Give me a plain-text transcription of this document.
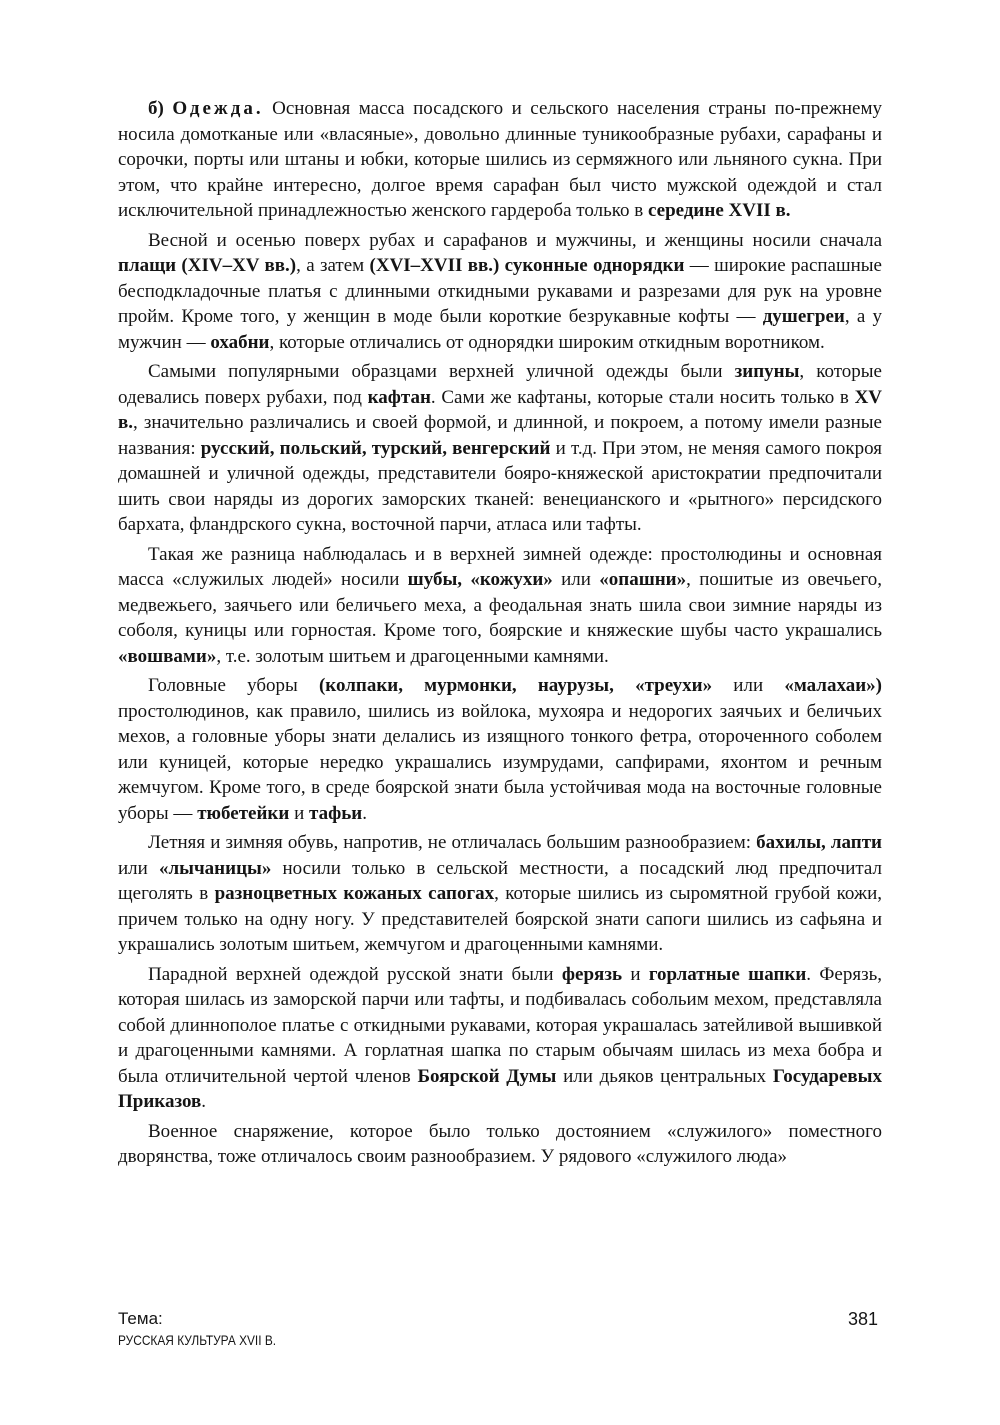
б) Одежда. Основная масса посадского и сельского населения страны по-прежнему носила домотканые или «власяные», довольно длинные туникообразные рубахи, сарафаны и сорочки, порты или штаны и юбки, которые шились из сермяжного или льняного сукна. При этом, что крайне интересно, долгое время сарафан был чисто мужской одеждой и стал исключительной принадлежностью женского гардероба только в середине XVII в.

Весной и осенью поверх рубах и сарафанов и мужчины, и женщины носили сначала плащи (XIV–XV вв.), а затем (XVI–XVII вв.) суконные однорядки — широкие распашные бесподкладочные платья с длинными откидными рукавами и разрезами для рук на уровне пройм. Кроме того, у женщин в моде были короткие безрукавные кофты — душегреи, а у мужчин — охабни, которые отличались от однорядки широким откидным воротником.

Самыми популярными образцами верхней уличной одежды были зипуны, которые одевались поверх рубахи, под кафтан. Сами же кафтаны, которые стали носить только в XV в., значительно различались и своей формой, и длинной, и покроем, а потому имели разные названия: русский, польский, турский, венгерский и т.д. При этом, не меняя самого покроя домашней и уличной одежды, представители бояро-княжеской аристократии предпочитали шить свои наряды из дорогих заморских тканей: венецианского и «рытного» персидского бархата, фландрского сукна, восточной парчи, атласа или тафты.

Такая же разница наблюдалась и в верхней зимней одежде: простолюдины и основная масса «служилых людей» носили шубы, «кожухи» или «опашни», пошитые из овечьего, медвежьего, заячьего или беличьего меха, а феодальная знать шила свои зимние наряды из соболя, куницы или горностая. Кроме того, боярские и княжеские шубы часто украшались «вошвами», т.е. золотым шитьем и драгоценными камнями.

Головные уборы (колпаки, мурмонки, наурузы, «треухи» или «малахаи») простолюдинов, как правило, шились из войлока, мухояра и недорогих заячьих и беличьих мехов, а головные уборы знати делались из изящного тонкого фетра, отороченного соболем или куницей, которые нередко украшались изумрудами, сапфирами, яхонтом и речным жемчугом. Кроме того, в среде боярской знати была устойчивая мода на восточные головные уборы — тюбетейки и тафьи.

Летняя и зимняя обувь, напротив, не отличалась большим разнообразием: бахилы, лапти или «лычаницы» носили только в сельской местности, а посадский люд предпочитал щеголять в разноцветных кожаных сапогах, которые шились из сыромятной грубой кожи, причем только на одну ногу. У представителей боярской знати сапоги шились из сафьяна и украшались золотым шитьем, жемчугом и драгоценными камнями.

Парадной верхней одеждой русской знати были ферязь и горлатные шапки. Ферязь, которая шилась из заморской парчи или тафты, и подбивалась собольим мехом, представляла собой длиннополое платье с откидными рукавами, которая украшалась затейливой вышивкой и драгоценными камнями. А горлатная шапка по старым обычаям шилась из меха бобра и была отличительной чертой членов Боярской Думы или дьяков центральных Государевых Приказов.

Военное снаряжение, которое было только достоянием «служилого» поместного дворянства, тоже отличалось своим разнообразием. У рядового «служилого люда»

Тема:
РУССКАЯ КУЛЬТУРА XVII В.
381
